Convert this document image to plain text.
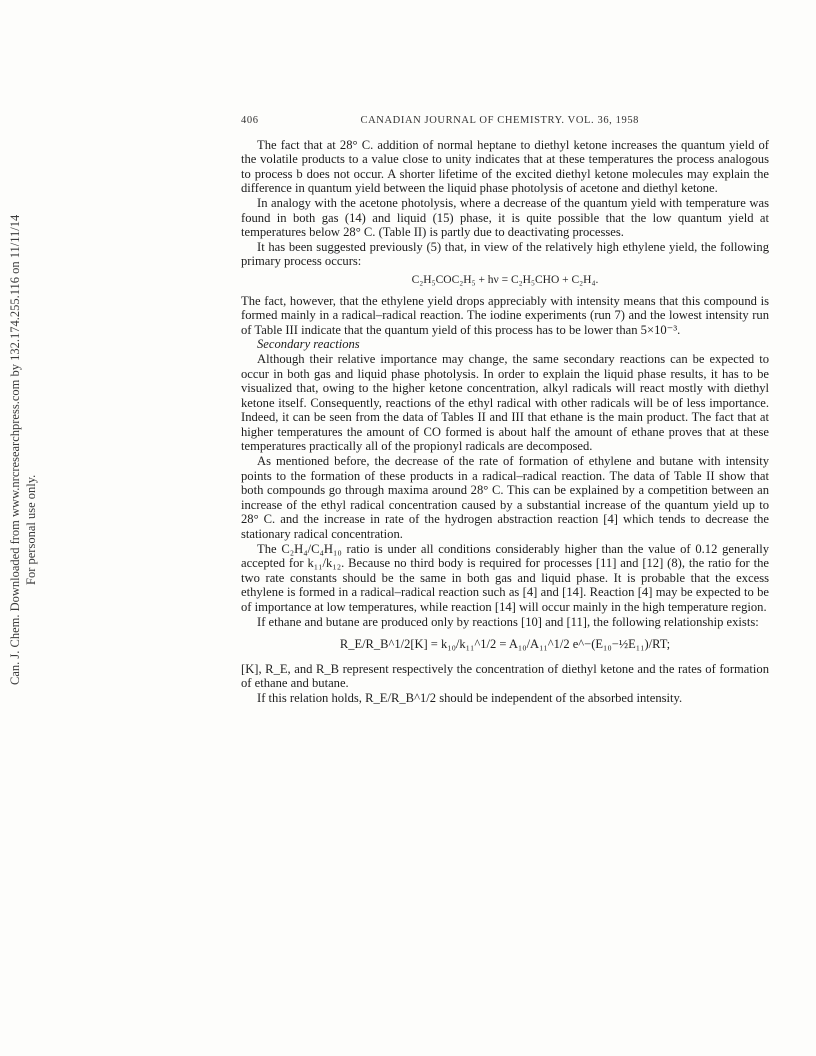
Can. J. Chem. Downloaded from www.nrcresearchpress.com by 132.174.255.116 on 11/11/14 For personal use only.
406	CANADIAN JOURNAL OF CHEMISTRY. VOL. 36, 1958

The fact that at 28° C. addition of normal heptane to diethyl ketone increases the quantum yield of the volatile products to a value close to unity indicates that at these temperatures the process analogous to process b does not occur. A shorter lifetime of the excited diethyl ketone molecules may explain the difference in quantum yield between the liquid phase photolysis of acetone and diethyl ketone.

In analogy with the acetone photolysis, where a decrease of the quantum yield with temperature was found in both gas (14) and liquid (15) phase, it is quite possible that the low quantum yield at temperatures below 28° C. (Table II) is partly due to deactivating processes.

It has been suggested previously (5) that, in view of the relatively high ethylene yield, the following primary process occurs:

C₂H₅COC₂H₅ + hν = C₂H₅CHO + C₂H₄.

The fact, however, that the ethylene yield drops appreciably with intensity means that this compound is formed mainly in a radical–radical reaction. The iodine experiments (run 7) and the lowest intensity run of Table III indicate that the quantum yield of this process has to be lower than 5×10⁻³.

Secondary reactions

Although their relative importance may change, the same secondary reactions can be expected to occur in both gas and liquid phase photolysis. In order to explain the liquid phase results, it has to be visualized that, owing to the higher ketone concentration, alkyl radicals will react mostly with diethyl ketone itself. Consequently, reactions of the ethyl radical with other radicals will be of less importance. Indeed, it can be seen from the data of Tables II and III that ethane is the main product. The fact that at higher temperatures the amount of CO formed is about half the amount of ethane proves that at these temperatures practically all of the propionyl radicals are decomposed.

As mentioned before, the decrease of the rate of formation of ethylene and butane with intensity points to the formation of these products in a radical–radical reaction. The data of Table II show that both compounds go through maxima around 28° C. This can be explained by a competition between an increase of the ethyl radical concentration caused by a substantial increase of the quantum yield up to 28° C. and the increase in rate of the hydrogen abstraction reaction [4] which tends to decrease the stationary radical concentration.

The C₂H₄/C₄H₁₀ ratio is under all conditions considerably higher than the value of 0.12 generally accepted for k₁₁/k₁₂. Because no third body is required for processes [11] and [12] (8), the ratio for the two rate constants should be the same in both gas and liquid phase. It is probable that the excess ethylene is formed in a radical–radical reaction such as [4] and [14]. Reaction [4] may be expected to be of importance at low temperatures, while reaction [14] will occur mainly in the high temperature region.

If ethane and butane are produced only by reactions [10] and [11], the following relationship exists:

R_E/R_B^1/2[K] = k₁₀/k₁₁^1/2 = A₁₀/A₁₁^1/2 e^−(E₁₀−½E₁₁)/RT;

[K], R_E, and R_B represent respectively the concentration of diethyl ketone and the rates of formation of ethane and butane.

If this relation holds, R_E/R_B^1/2 should be independent of the absorbed intensity.
